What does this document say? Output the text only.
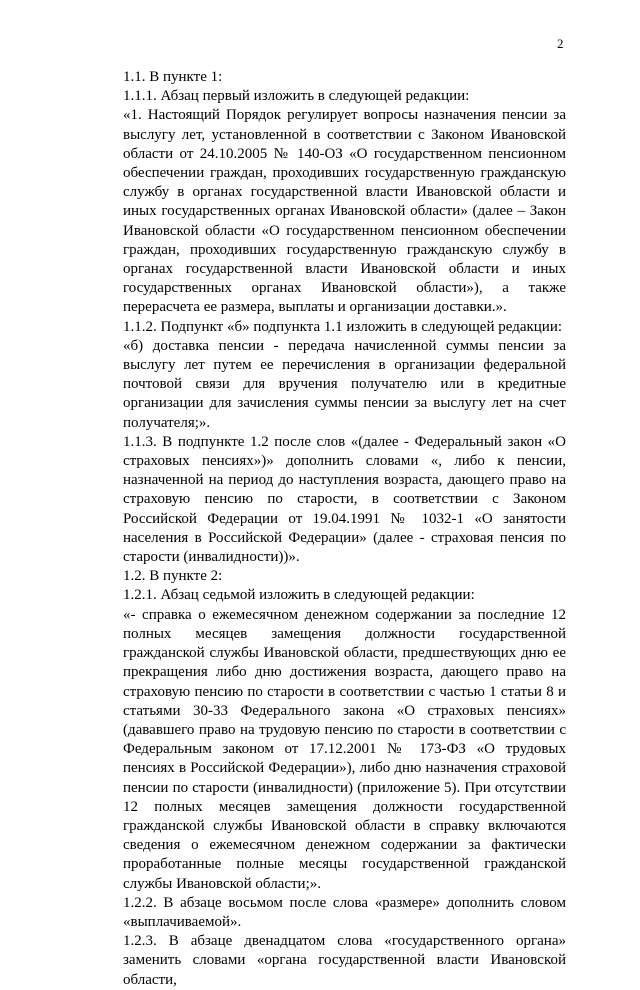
2

1.1. В пункте 1:

1.1.1. Абзац первый изложить в следующей редакции:

«1. Настоящий Порядок регулирует вопросы назначения пенсии за выслугу лет, установленной в соответствии с Законом Ивановской области от 24.10.2005 № 140-ОЗ «О государственном пенсионном обеспечении граждан, проходивших государственную гражданскую службу в органах государственной власти Ивановской области и иных государственных органах Ивановской области» (далее – Закон Ивановской области «О государственном пенсионном обеспечении граждан, проходивших государственную гражданскую службу в органах государственной власти Ивановской области и иных государственных органах Ивановской области»), а также перерасчета ее размера, выплаты и организации доставки.».

1.1.2. Подпункт «б» подпункта 1.1 изложить в следующей редакции:

«б) доставка пенсии - передача начисленной суммы пенсии за выслугу лет путем ее перечисления в организации федеральной почтовой связи для вручения получателю или в кредитные организации для зачисления суммы пенсии за выслугу лет на счет получателя;».

1.1.3. В подпункте 1.2 после слов «(далее - Федеральный закон «О страховых пенсиях»)» дополнить словами «, либо к пенсии, назначенной на период до наступления возраста, дающего право на страховую пенсию по старости, в соответствии с Законом Российской Федерации от 19.04.1991 № 1032-1 «О занятости населения в Российской Федерации» (далее - страховая пенсия по старости (инвалидности))».

1.2. В пункте 2:

1.2.1. Абзац седьмой изложить в следующей редакции:

«- справка о ежемесячном денежном содержании за последние 12 полных месяцев замещения должности государственной гражданской службы Ивановской области, предшествующих дню ее прекращения либо дню достижения возраста, дающего право на страховую пенсию по старости в соответствии с частью 1 статьи 8 и статьями 30-33 Федерального закона «О страховых пенсиях» (дававшего право на трудовую пенсию по старости в соответствии с Федеральным законом от 17.12.2001 № 173-ФЗ «О трудовых пенсиях в Российской Федерации»), либо дню назначения страховой пенсии по старости (инвалидности) (приложение 5). При отсутствии 12 полных месяцев замещения должности государственной гражданской службы Ивановской области в справку включаются сведения о ежемесячном денежном содержании за фактически проработанные полные месяцы государственной гражданской службы Ивановской области;».

1.2.2. В абзаце восьмом после слова «размере» дополнить словом «выплачиваемой».

1.2.3. В абзаце двенадцатом слова «государственного органа» заменить словами «органа государственной власти Ивановской области,
